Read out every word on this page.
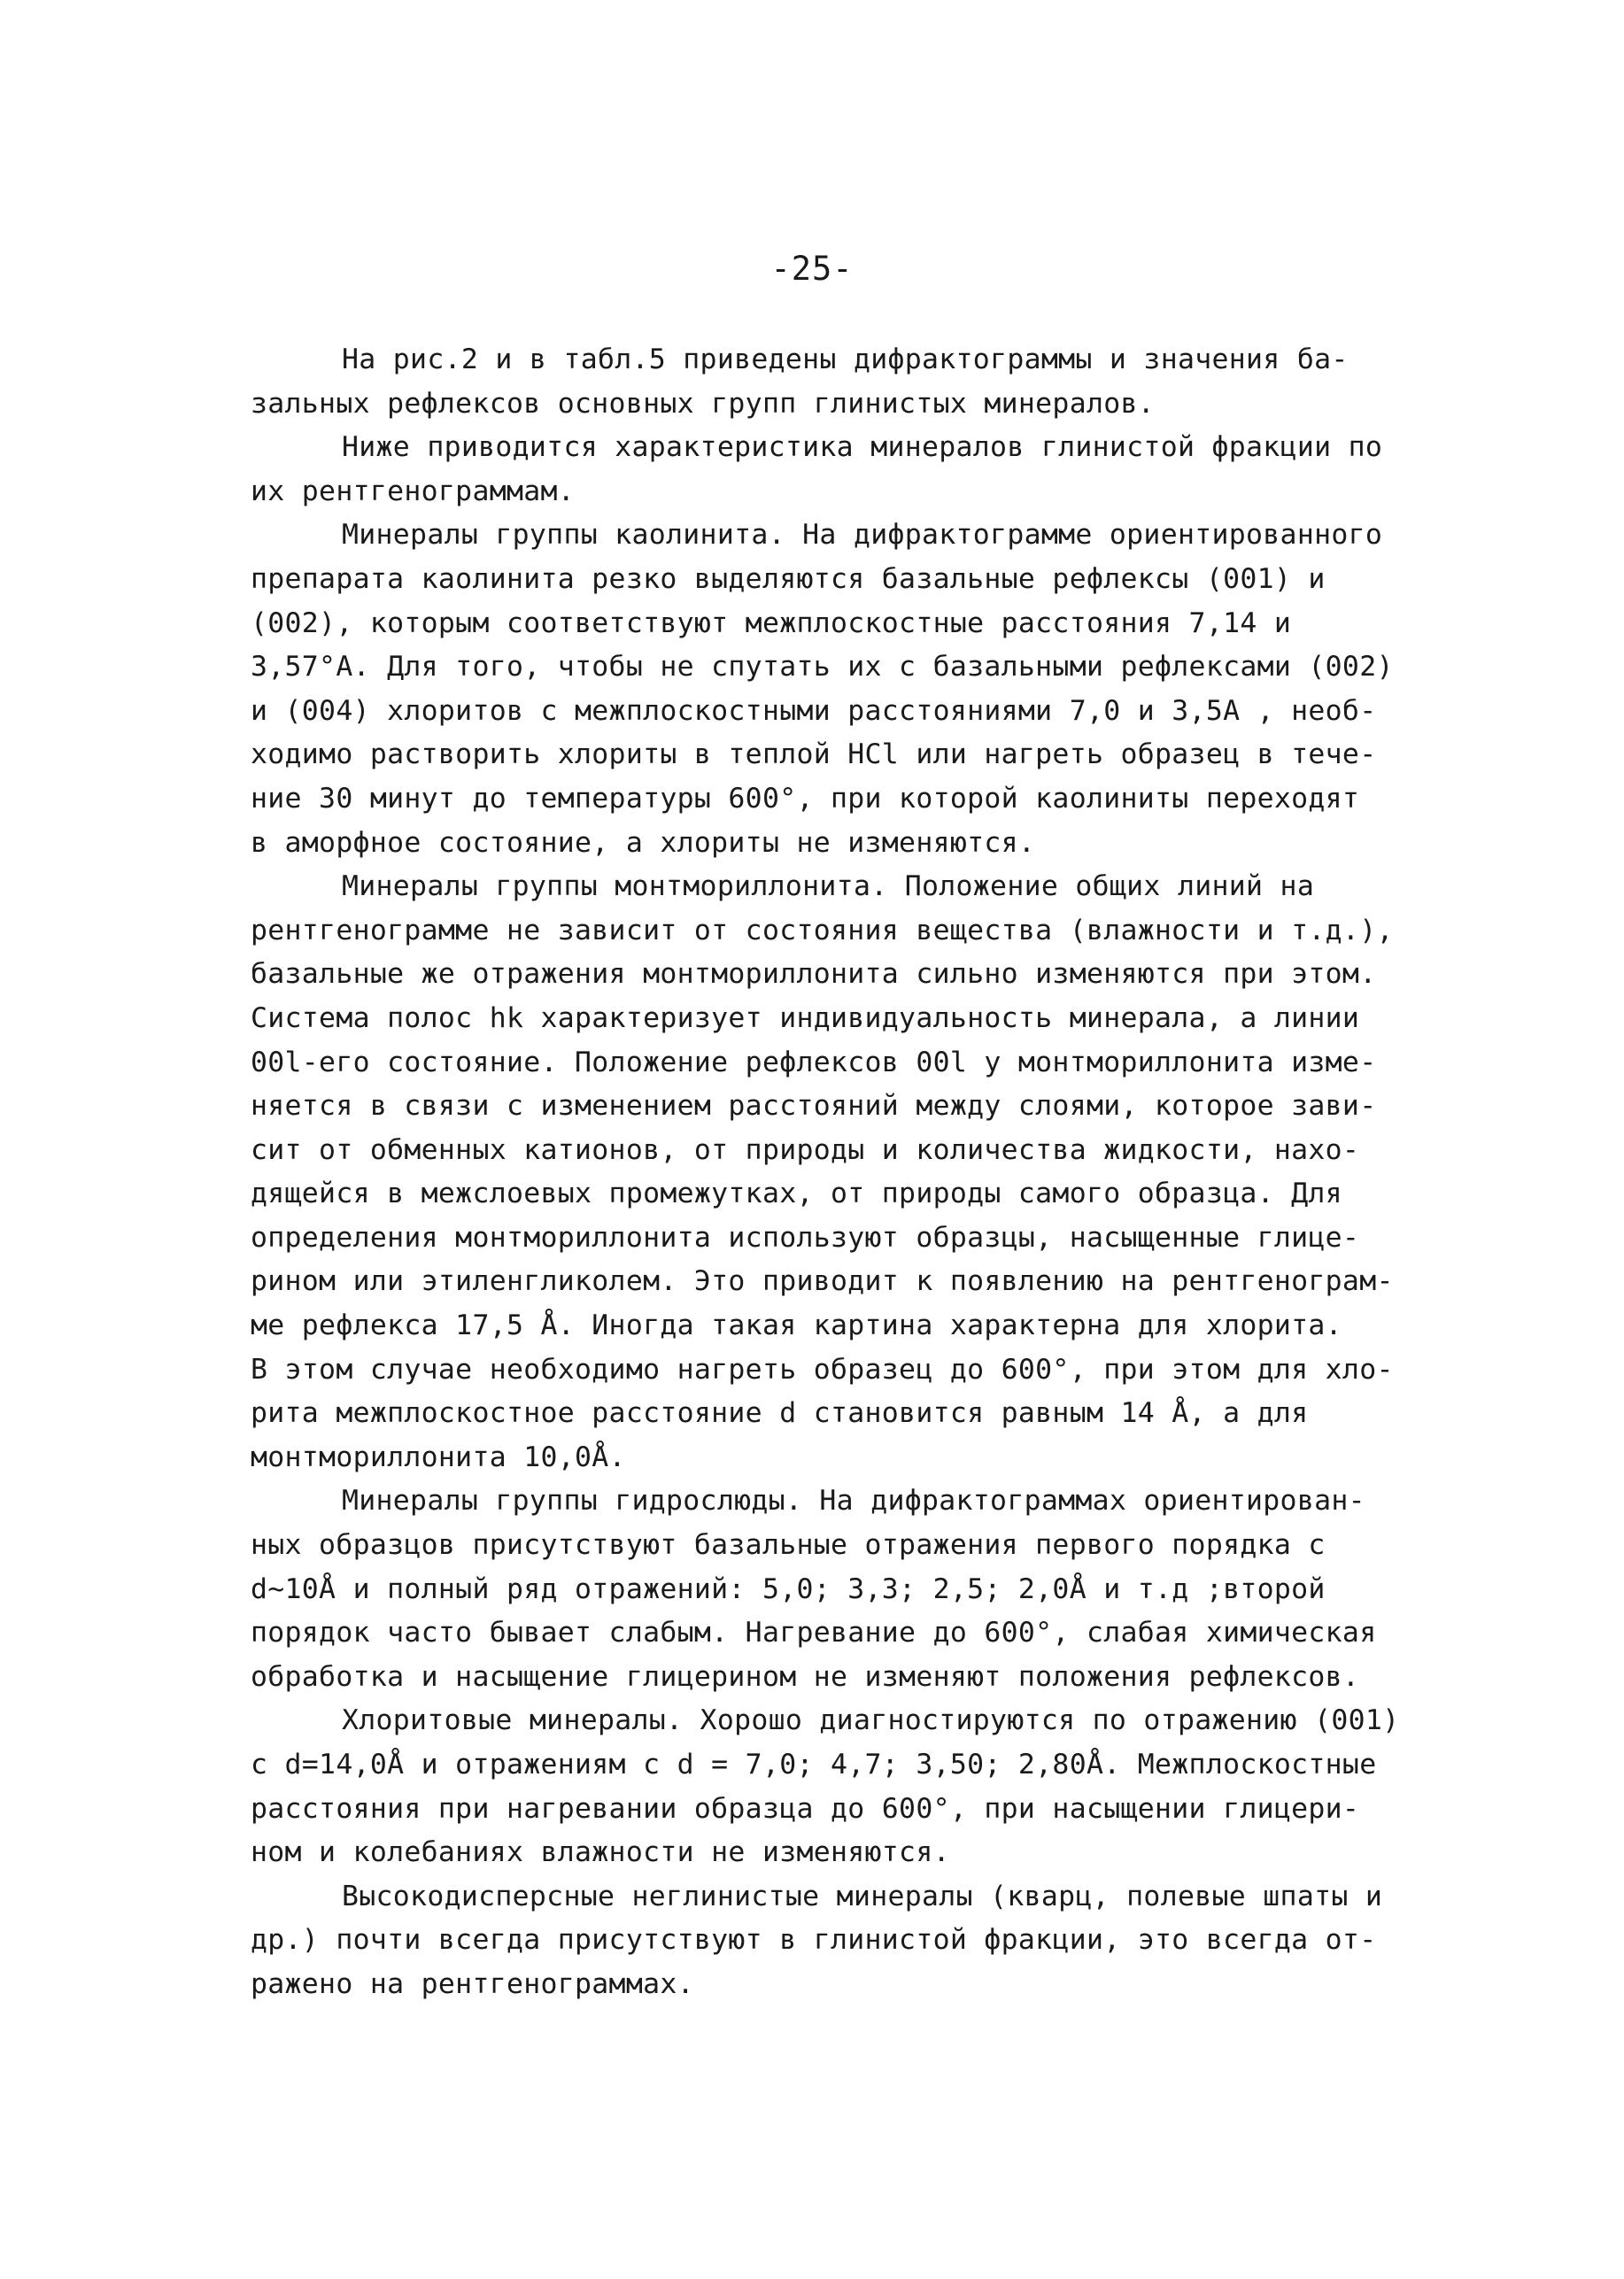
-25-
На рис.2 и в табл.5 приведены дифрактограммы и значения ба-
зальных рефлексов основных групп глинистых минералов.
Ниже приводится характеристика минералов глинистой фракции по
их рентгенограммам.
Минералы группы каолинита. На дифрактограмме ориентированного
препарата каолинита резко выделяются базальные рефлексы (001) и
(002), которым соответствуют межплоскостные расстояния 7,14 и
3,57°А. Для того, чтобы не спутать их с базальными рефлексами (002)
и (004) хлоритов с межплоскостными расстояниями 7,0 и 3,5А , необ-
ходимо растворить хлориты в теплой HCl или нагреть образец в тече-
ние 30 минут до температуры 600°, при которой каолиниты переходят
в аморфное состояние, а хлориты не изменяются.
Минералы группы монтмориллонита. Положение общих линий на
рентгенограмме не зависит от состояния вещества (влажности и т.д.),
базальные же отражения монтмориллонита сильно изменяются при этом.
Система полос hk характеризует индивидуальность минерала, а линии
00l-его состояние. Положение рефлексов 00l у монтмориллонита изме-
няется в связи с изменением расстояний между слоями, которое зави-
сит от обменных катионов, от природы и количества жидкости, нахо-
дящейся в межслоевых промежутках, от природы самого образца. Для
определения монтмориллонита используют образцы, насыщенные глице-
рином или этиленгликолем. Это приводит к появлению на рентгенограм-
ме рефлекса 17,5 Å. Иногда такая картина характерна для хлорита.
В этом случае необходимо нагреть образец до 600°, при этом для хло-
рита межплоскостное расстояние d становится равным 14 Å, а для
монтмориллонита 10,0Å.
Минералы группы гидрослюды. На дифрактограммах ориентирован-
ных образцов присутствуют базальные отражения первого порядка с
d~10Å и полный ряд отражений: 5,0; 3,3; 2,5; 2,0Å и т.д ;второй
порядок часто бывает слабым. Нагревание до 600°, слабая химическая
обработка и насыщение глицерином не изменяют положения рефлексов.
Хлоритовые минералы. Хорошо диагностируются по отражению (001)
с d=14,0Å и отражениям с d = 7,0; 4,7; 3,50; 2,80Å. Межплоскостные
расстояния при нагревании образца до 600°, при насыщении глицери-
ном и колебаниях влажности не изменяются.
Высокодисперсные неглинистые минералы (кварц, полевые шпаты и
др.) почти всегда присутствуют в глинистой фракции, это всегда от-
ражено на рентгенограммах.
